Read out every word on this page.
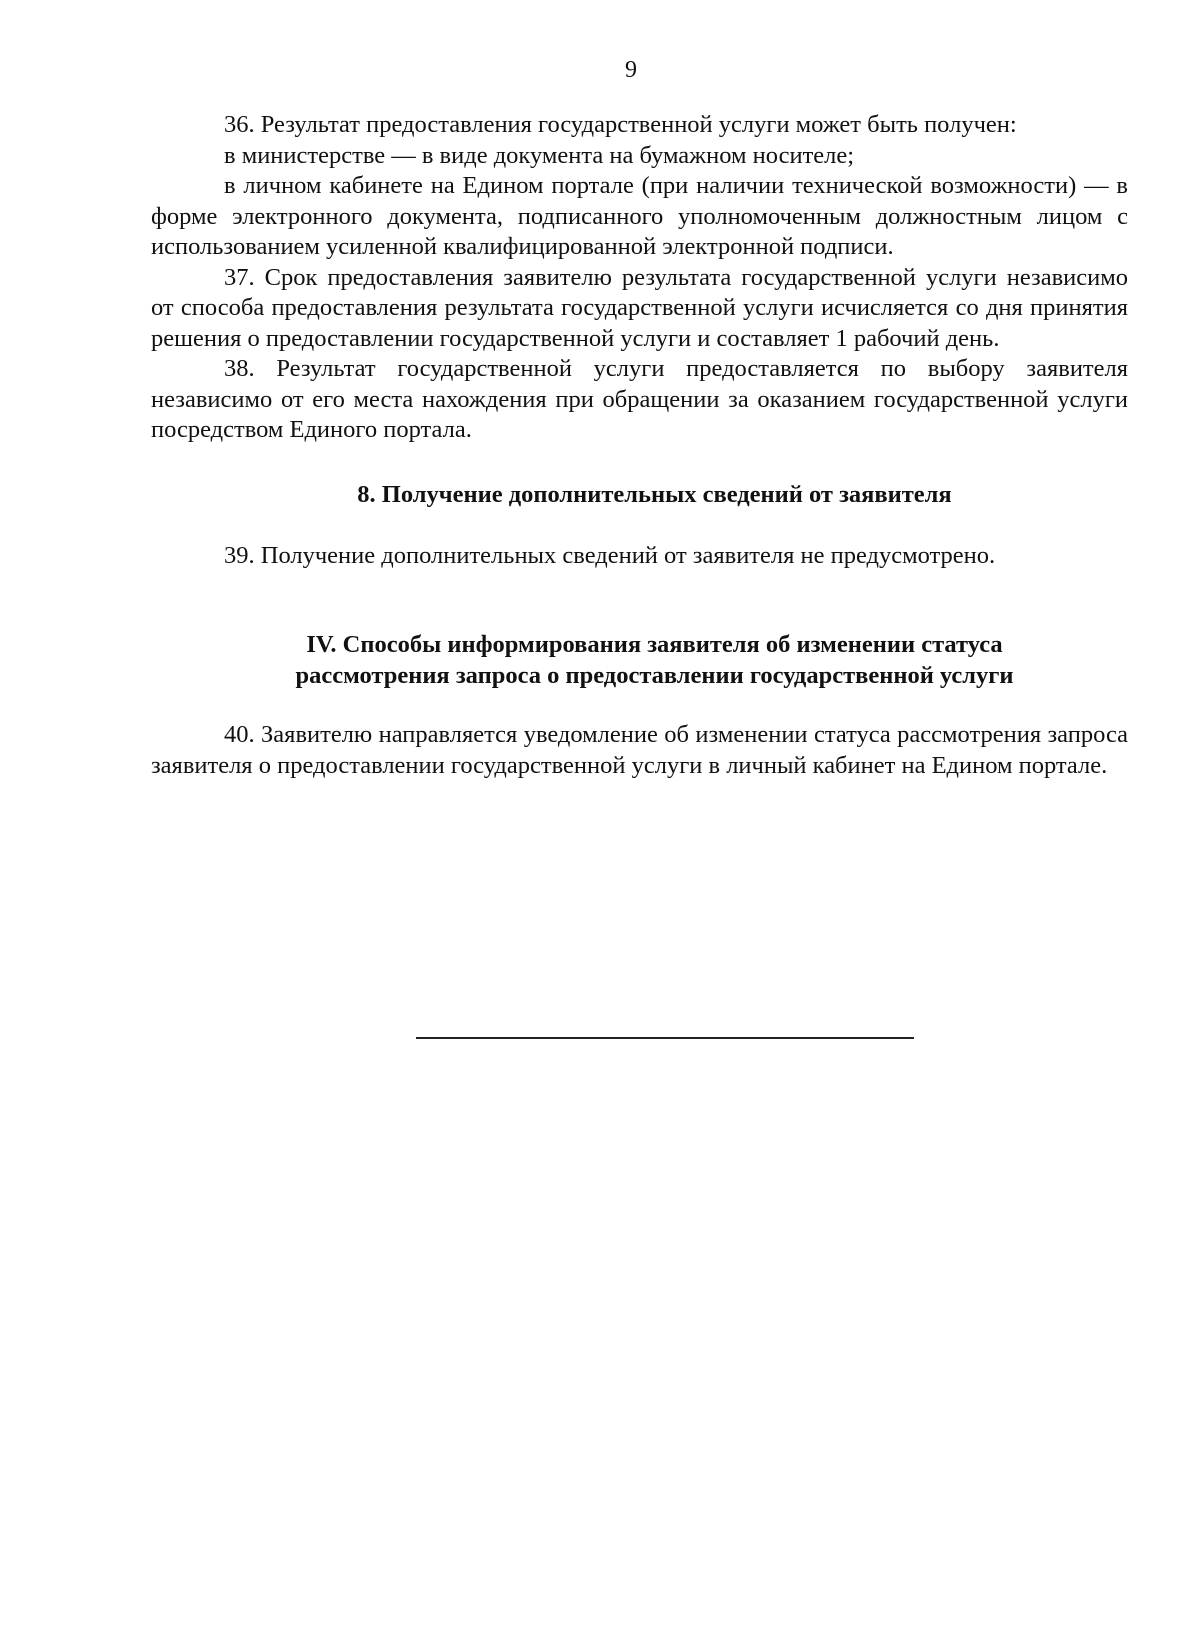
9

36. Результат предоставления государственной услуги может быть получен:

в министерстве — в виде документа на бумажном носителе;

в личном кабинете на Едином портале (при наличии технической возможности) — в форме электронного документа, подписанного уполномоченным должностным лицом с использованием усиленной квалифицированной электронной подписи.

37. Срок предоставления заявителю результата государственной услуги независимо от способа предоставления результата государственной услуги исчисляется со дня принятия решения о предоставлении государственной услуги и составляет 1 рабочий день.

38. Результат государственной услуги предоставляется по выбору заявителя независимо от его места нахождения при обращении за оказанием государственной услуги посредством Единого портала.

8. Получение дополнительных сведений от заявителя

39. Получение дополнительных сведений от заявителя не предусмотрено.

IV. Способы информирования заявителя об изменении статуса

рассмотрения запроса о предоставлении государственной услуги

40. Заявителю направляется уведомление об изменении статуса рассмотрения запроса заявителя о предоставлении государственной услуги в личный кабинет на Едином портале.
